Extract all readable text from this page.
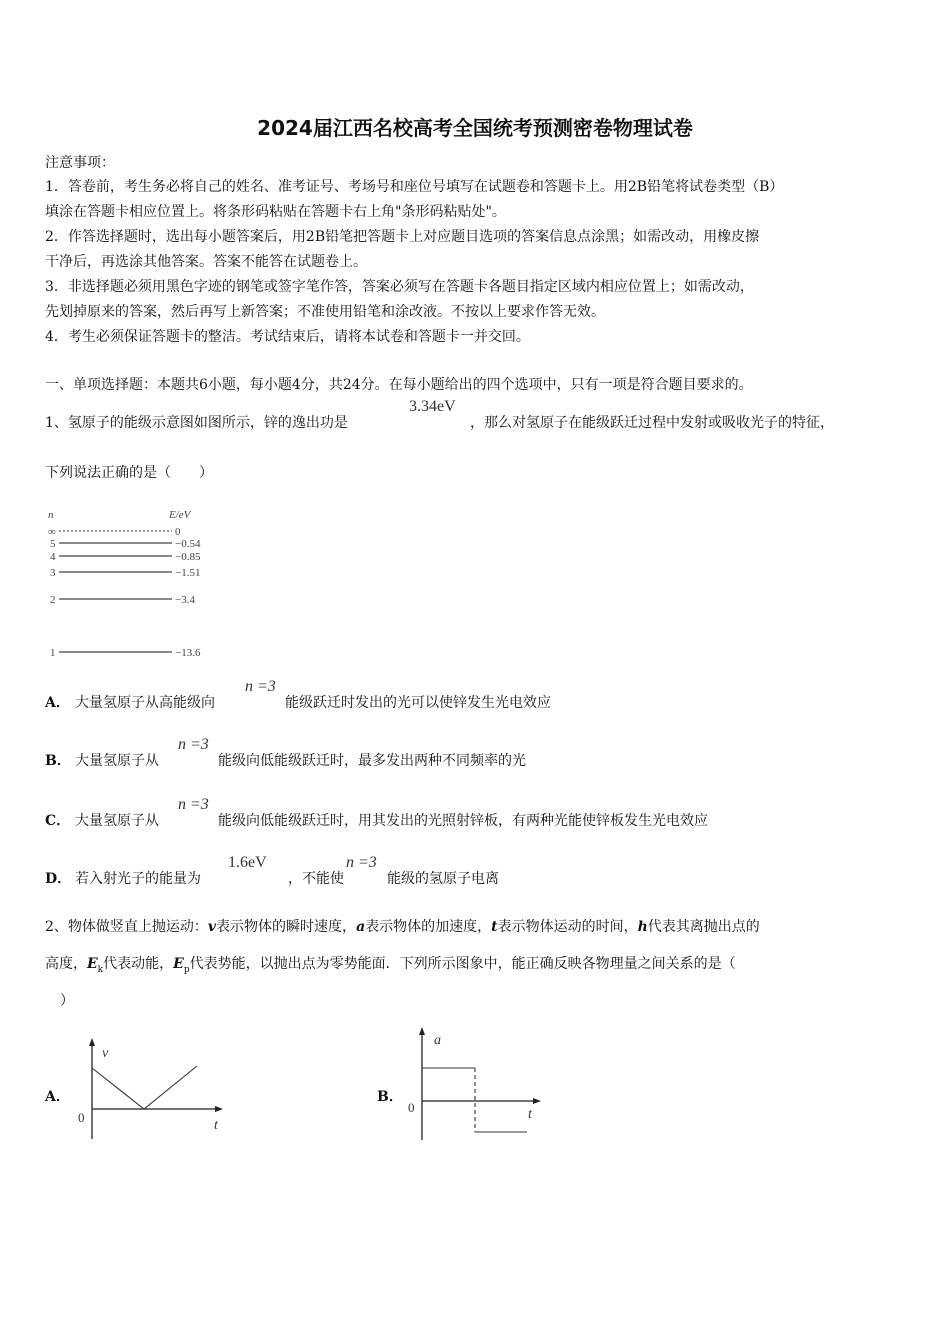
2024届江西名校高考全国统考预测密卷物理试卷
注意事项：
1．答卷前，考生务必将自己的姓名、准考证号、考场号和座位号填写在试题卷和答题卡上。用2B铅笔将试卷类型（B）
填涂在答题卡相应位置上。将条形码粘贴在答题卡右上角"条形码粘贴处"。
2．作答选择题时，选出每小题答案后，用2B铅笔把答题卡上对应题目选项的答案信息点涂黑；如需改动，用橡皮擦
干净后，再选涂其他答案。答案不能答在试题卷上。
3．非选择题必须用黑色字迹的钢笔或签字笔作答，答案必须写在答题卡各题目指定区域内相应位置上；如需改动，
先划掉原来的答案，然后再写上新答案；不准使用铅笔和涂改液。不按以上要求作答无效。
4．考生必须保证答题卡的整洁。考试结束后，请将本试卷和答题卡一并交回。
一、单项选择题：本题共6小题，每小题4分，共24分。在每小题给出的四个选项中，只有一项是符合题目要求的。
1、氢原子的能级示意图如图所示，锌的逸出功是
3.34eV
，那么对氢原子在能级跃迁过程中发射或吸收光子的特征，
下列说法正确的是（　　）
n	E/eV
∞	0
5	−0.54
4	−0.85
3	−1.51
2	−3.4
1	−13.6
A． 大量氢原子从高能级向
n =3
能级跃迁时发出的光可以使锌发生光电效应
B． 大量氢原子从
n =3
能级向低能级跃迁时，最多发出两种不同频率的光
C． 大量氢原子从
n =3
能级向低能级跃迁时，用其发出的光照射锌板，有两种光能使锌板发生光电效应
D． 若入射光子的能量为
1.6eV
，不能使
n =3
能级的氢原子电离
2、物体做竖直上抛运动：v表示物体的瞬时速度，a表示物体的加速度，t表示物体运动的时间，h代表其离抛出点的
高度，$E_k$代表动能，$E_p$代表势能，以抛出点为零势能面．下列所示图象中，能正确反映各物理量之间关系的是（
）
A．
v
t
0
B．
a
t
0
